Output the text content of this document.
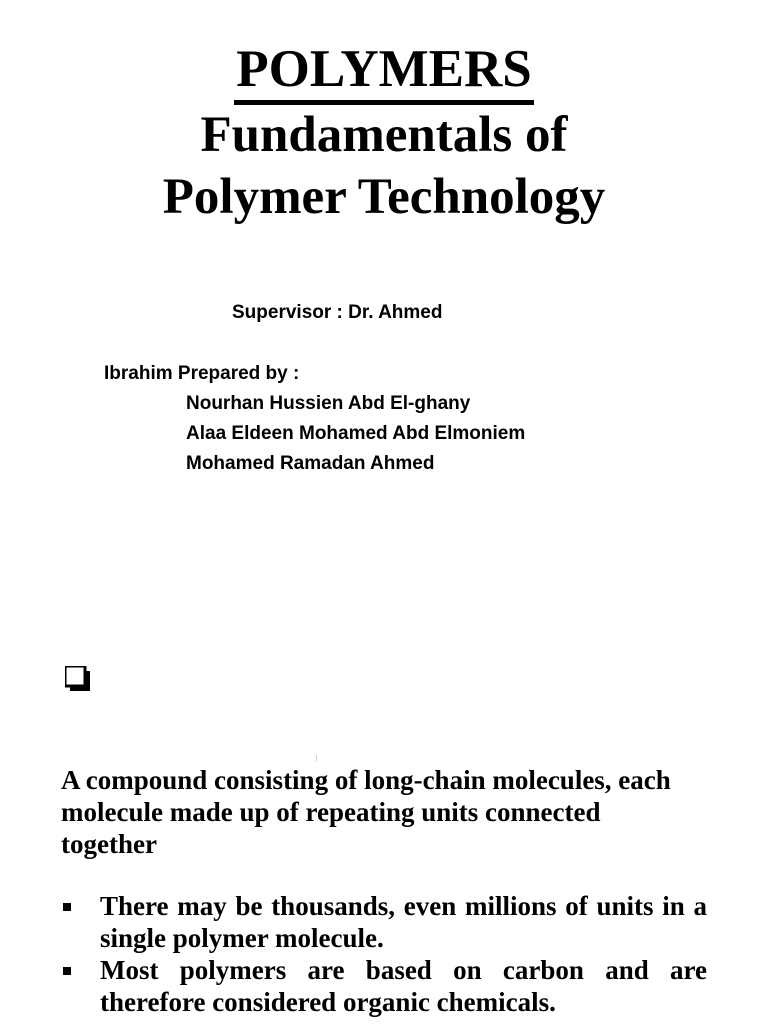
POLYMERS
Fundamentals of
Polymer Technology
Supervisor : Dr. Ahmed
Ibrahim Prepared by :
Nourhan Hussien Abd El-ghany
Alaa Eldeen Mohamed Abd Elmoniem
Mohamed Ramadan Ahmed
A compound consisting of long-chain molecules, each molecule made up of repeating units connected together
There may be thousands, even millions of units in a single polymer molecule.
Most polymers are based on carbon and are therefore considered organic chemicals.
